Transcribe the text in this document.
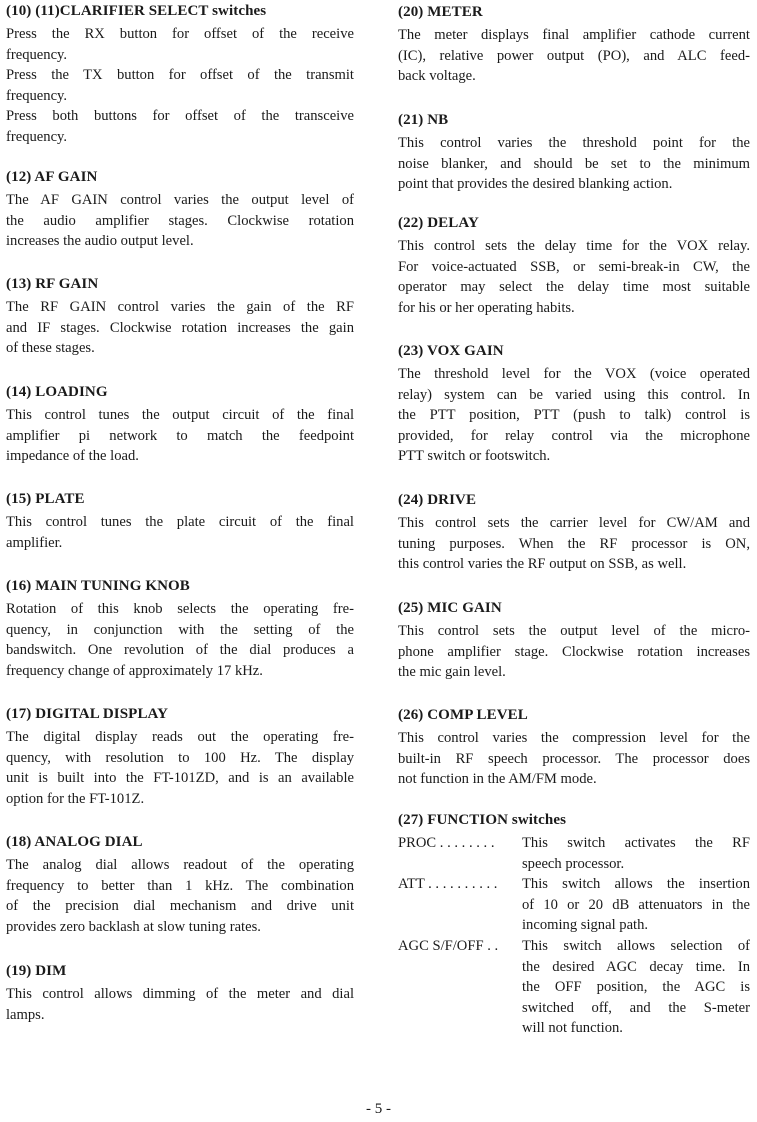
(10) (11)CLARIFIER SELECT switches

Press the RX button for offset of the receive
frequency.
Press the TX button for offset of the transmit
frequency.
Press both buttons for offset of the transceive
frequency.

(12) AF GAIN

The AF GAIN control varies the output level of
the audio amplifier stages. Clockwise rotation
increases the audio output level.

(13) RF GAIN

The RF GAIN control varies the gain of the RF
and IF stages. Clockwise rotation increases the gain
of these stages.

(14) LOADING

This control tunes the output circuit of the final
amplifier pi network to match the feedpoint
impedance of the load.

(15) PLATE

This control tunes the plate circuit of the final
amplifier.

(16) MAIN TUNING KNOB

Rotation of this knob selects the operating fre-
quency, in conjunction with the setting of the
bandswitch. One revolution of the dial produces a
frequency change of approximately 17 kHz.

(17) DIGITAL DISPLAY

The digital display reads out the operating fre-
quency, with resolution to 100 Hz. The display
unit is built into the FT-101ZD, and is an available
option for the FT-101Z.

(18) ANALOG DIAL

The analog dial allows readout of the operating
frequency to better than 1 kHz. The combination
of the precision dial mechanism and drive unit
provides zero backlash at slow tuning rates.

(19) DIM

This control allows dimming of the meter and dial
lamps.

(20) METER

The meter displays final amplifier cathode current
(IC), relative power output (PO), and ALC feed-
back voltage.

(21) NB

This control varies the threshold point for the
noise blanker, and should be set to the minimum
point that provides the desired blanking action.

(22) DELAY

This control sets the delay time for the VOX relay.
For voice-actuated SSB, or semi-break-in CW, the
operator may select the delay time most suitable
for his or her operating habits.

(23) VOX GAIN

The threshold level for the VOX (voice operated
relay) system can be varied using this control. In
the PTT position, PTT (push to talk) control is
provided, for relay control via the microphone
PTT switch or footswitch.

(24) DRIVE

This control sets the carrier level for CW/AM and
tuning purposes. When the RF processor is ON,
this control varies the RF output on SSB, as well.

(25) MIC GAIN

This control sets the output level of the micro-
phone amplifier stage. Clockwise rotation increases
the mic gain level.

(26) COMP LEVEL

This control varies the compression level for the
built-in RF speech processor. The processor does
not function in the AM/FM mode.

(27) FUNCTION switches
PROC . . . . . . . .	This switch activates the RF
speech processor.
ATT . . . . . . . . . .	This switch allows the insertion
of 10 or 20 dB attenuators in the
incoming signal path.
AGC S/F/OFF . .	This switch allows selection of
the desired AGC decay time. In
the OFF position, the AGC is
switched off, and the S-meter
will not function.
- 5 -
